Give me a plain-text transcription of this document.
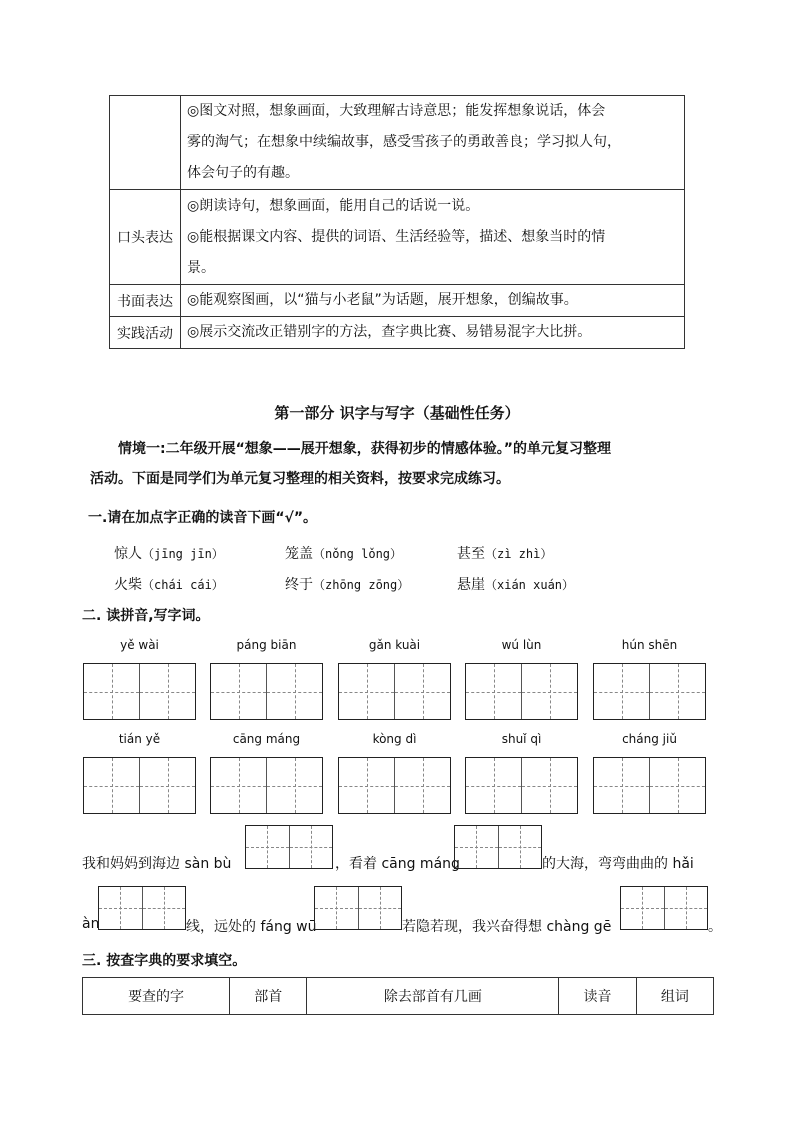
	◎图文对照，想象画面，大致理解古诗意思；能发挥想象说话，体会
雾的淘气；在想象中续编故事，感受雪孩子的勇敢善良；学习拟人句，
体会句子的有趣。

口头表达	◎朗读诗句，想象画面，能用自己的话说一说。
◎能根据课文内容、提供的词语、生活经验等，描述、想象当时的情
景。

书面表达	◎能观察图画，以“猫与小老鼠”为话题，展开想象，创编故事。
实践活动	◎展示交流改正错别字的方法，查字典比赛、易错易混字大比拼。
第一部分 识字与写字（基础性任务）
情境一:二年级开展“想象——展开想象，获得初步的情感体验。”的单元复习整理
活动。下面是同学们为单元复习整理的相关资料，按要求完成练习。
一.请在加点字正确的读音下画“√”。
惊人（jīng jīn）	笼盖（nǒng lǒng）	甚至（zì zhì）
火柴（chái cái）	终于（zhōng zōng）	悬崖（xián xuán）
二. 读拼音,写字词。
yě wài	páng biān	gǎn kuài	wú lùn	hún shēn
tián yě	cāng máng	kòng dì	shuǐ qì	cháng jiǔ
我和妈妈到海边 sàn bù	，看着 cāng máng	的大海，弯弯曲曲的 hǎi
àn	线，远处的 fáng wū	若隐若现，我兴奋得想 chàng gē	。
三. 按查字典的要求填空。
要查的字	部首	除去部首有几画	读音	组词
